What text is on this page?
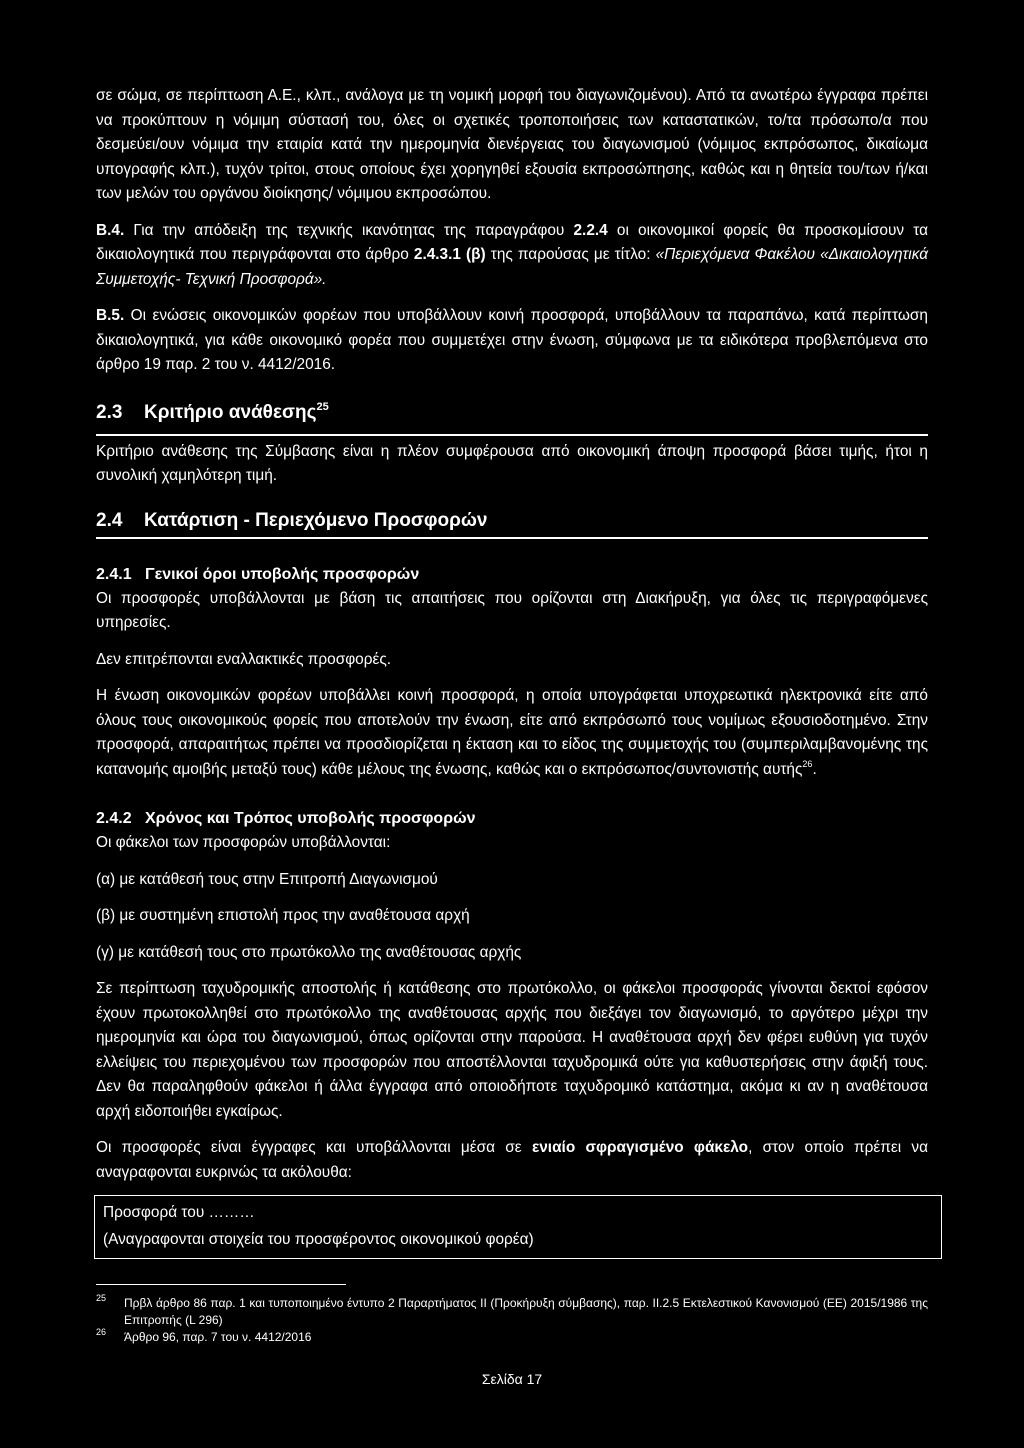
σε σώμα, σε περίπτωση Α.Ε., κλπ., ανάλογα με τη νομική μορφή του διαγωνιζομένου). Από τα ανωτέρω έγγραφα πρέπει να προκύπτουν η νόμιμη σύστασή του, όλες οι σχετικές τροποποιήσεις των καταστατικών, το/τα πρόσωπο/α που δεσμεύει/ουν νόμιμα την εταιρία κατά την ημερομηνία διενέργειας του διαγωνισμού (νόμιμος εκπρόσωπος, δικαίωμα υπογραφής κλπ.), τυχόν τρίτοι, στους οποίους έχει χορηγηθεί εξουσία εκπροσώπησης, καθώς και η θητεία του/των ή/και των μελών του οργάνου διοίκησης/ νόμιμου εκπροσώπου.

Β.4. Για την απόδειξη της τεχνικής ικανότητας της παραγράφου 2.2.4 οι οικονομικοί φορείς θα προσκομίσουν τα δικαιολογητικά που περιγράφονται στο άρθρο 2.4.3.1 (β) της παρούσας με τίτλο: «Περιεχόμενα Φακέλου «Δικαιολογητικά Συμμετοχής- Τεχνική Προσφορά».

Β.5. Οι ενώσεις οικονομικών φορέων που υποβάλλουν κοινή προσφορά, υποβάλλουν τα παραπάνω, κατά περίπτωση δικαιολογητικά, για κάθε οικονομικό φορέα που συμμετέχει στην ένωση, σύμφωνα με τα ειδικότερα προβλεπόμενα στο άρθρο 19 παρ. 2 του ν. 4412/2016.

2.3 Κριτήριο ανάθεσης$^{25}$

Κριτήριο ανάθεσης της Σύμβασης είναι η πλέον συμφέρουσα από οικονομική άποψη προσφορά βάσει τιμής, ήτοι η συνολική χαμηλότερη τιμή.

2.4 Κατάρτιση - Περιεχόμενο Προσφορών
2.4.1 Γενικοί όροι υποβολής προσφορών

Οι προσφορές υποβάλλονται με βάση τις απαιτήσεις που ορίζονται στη Διακήρυξη, για όλες τις περιγραφόμενες υπηρεσίες.

Δεν επιτρέπονται εναλλακτικές προσφορές.

Η ένωση οικονομικών φορέων υποβάλλει κοινή προσφορά, η οποία υπογράφεται υποχρεωτικά ηλεκτρονικά είτε από όλους τους οικονομικούς φορείς που αποτελούν την ένωση, είτε από εκπρόσωπό τους νομίμως εξουσιοδοτημένο. Στην προσφορά, απαραιτήτως πρέπει να προσδιορίζεται η έκταση και το είδος της συμμετοχής του (συμπεριλαμβανομένης της κατανομής αμοιβής μεταξύ τους) κάθε μέλους της ένωσης, καθώς και ο εκπρόσωπος/συντονιστής αυτής$^{26}$.

2.4.2 Χρόνος και Τρόπος υποβολής προσφορών

Οι φάκελοι των προσφορών υποβάλλονται:

(α) με κατάθεσή τους στην Επιτροπή Διαγωνισμού

(β) με συστημένη επιστολή προς την αναθέτουσα αρχή

(γ) με κατάθεσή τους στο πρωτόκολλο της αναθέτουσας αρχής

Σε περίπτωση ταχυδρομικής αποστολής ή κατάθεσης στο πρωτόκολλο, οι φάκελοι προσφοράς γίνονται δεκτοί εφόσον έχουν πρωτοκολληθεί στο πρωτόκολλο της αναθέτουσας αρχής που διεξάγει τον διαγωνισμό, το αργότερο μέχρι την ημερομηνία και ώρα του διαγωνισμού, όπως ορίζονται στην παρούσα. Η αναθέτουσα αρχή δεν φέρει ευθύνη για τυχόν ελλείψεις του περιεχομένου των προσφορών που αποστέλλονται ταχυδρομικά ούτε για καθυστερήσεις στην άφιξή τους. Δεν θα παραληφθούν φάκελοι ή άλλα έγγραφα από οποιοδήποτε ταχυδρομικό κατάστημα, ακόμα κι αν η αναθέτουσα αρχή ειδοποιήθει εγκαίρως.

Οι προσφορές είναι έγγραφες και υποβάλλονται μέσα σε ενιαίο σφραγισμένο φάκελο, στον οποίο πρέπει να αναγραφονται ευκρινώς τα ακόλουθα:

Προσφορά του ………

(Αναγραφονται στοιχεία του προσφέροντος οικονομικού φορέα)

25	Πρβλ άρθρο 86 παρ. 1 και τυποποιημένο έντυπο 2 Παραρτήματος ΙΙ (Προκήρυξη σύμβασης), παρ. ΙΙ.2.5 Εκτελεστικού Κανονισμού (ΕΕ) 2015/1986 της Επιτροπής (L 296)
26	Άρθρο 96, παρ. 7 του ν. 4412/2016
Σελίδα 17
